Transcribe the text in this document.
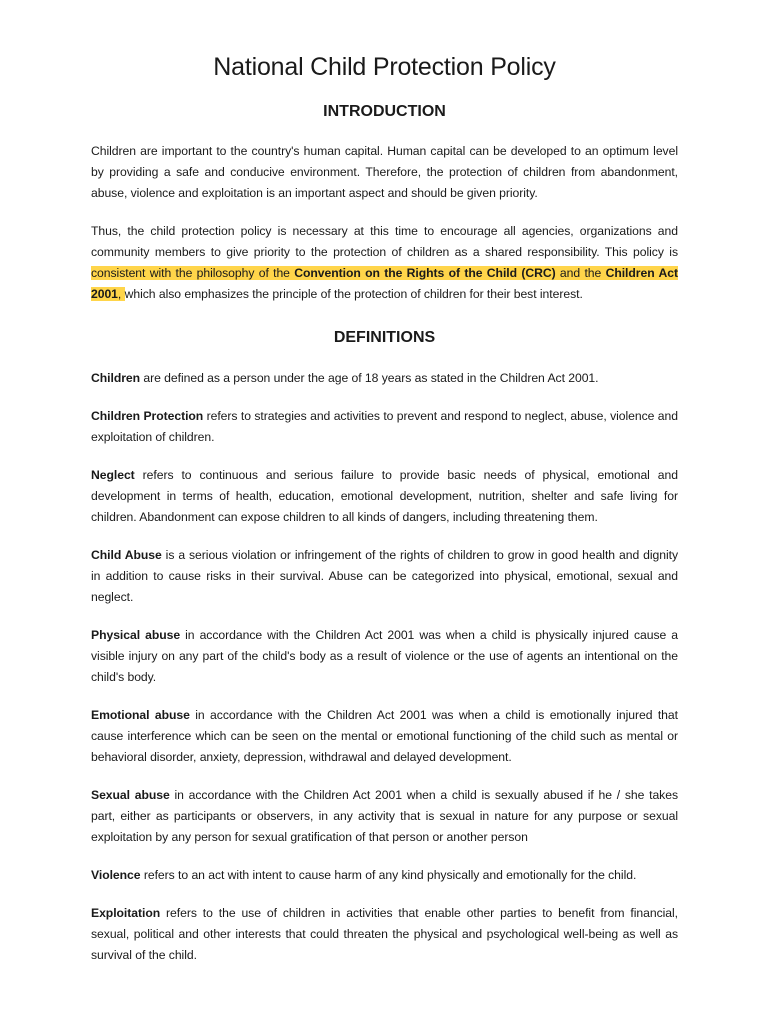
National Child Protection Policy
INTRODUCTION

Children are important to the country's human capital. Human capital can be developed to an optimum level by providing a safe and conducive environment. Therefore, the protection of children from abandonment, abuse, violence and exploitation is an important aspect and should be given priority.

Thus, the child protection policy is necessary at this time to encourage all agencies, organizations and community members to give priority to the protection of children as a shared responsibility. This policy is consistent with the philosophy of the Convention on the Rights of the Child (CRC) and the Children Act 2001, which also emphasizes the principle of the protection of children for their best interest.

DEFINITIONS

Children are defined as a person under the age of 18 years as stated in the Children Act 2001.

Children Protection refers to strategies and activities to prevent and respond to neglect, abuse, violence and exploitation of children.

Neglect refers to continuous and serious failure to provide basic needs of physical, emotional and development in terms of health, education, emotional development, nutrition, shelter and safe living for children. Abandonment can expose children to all kinds of dangers, including threatening them.

Child Abuse is a serious violation or infringement of the rights of children to grow in good health and dignity in addition to cause risks in their survival. Abuse can be categorized into physical, emotional, sexual and neglect.

Physical abuse in accordance with the Children Act 2001 was when a child is physically injured cause a visible injury on any part of the child's body as a result of violence or the use of agents an intentional on the child's body.

Emotional abuse in accordance with the Children Act 2001 was when a child is emotionally injured that cause interference which can be seen on the mental or emotional functioning of the child such as mental or behavioral disorder, anxiety, depression, withdrawal and delayed development.

Sexual abuse in accordance with the Children Act 2001 when a child is sexually abused if he / she takes part, either as participants or observers, in any activity that is sexual in nature for any purpose or sexual exploitation by any person for sexual gratification of that person or another person

Violence refers to an act with intent to cause harm of any kind physically and emotionally for the child.

Exploitation refers to the use of children in activities that enable other parties to benefit from financial, sexual, political and other interests that could threaten the physical and psychological well-being as well as survival of the child.
